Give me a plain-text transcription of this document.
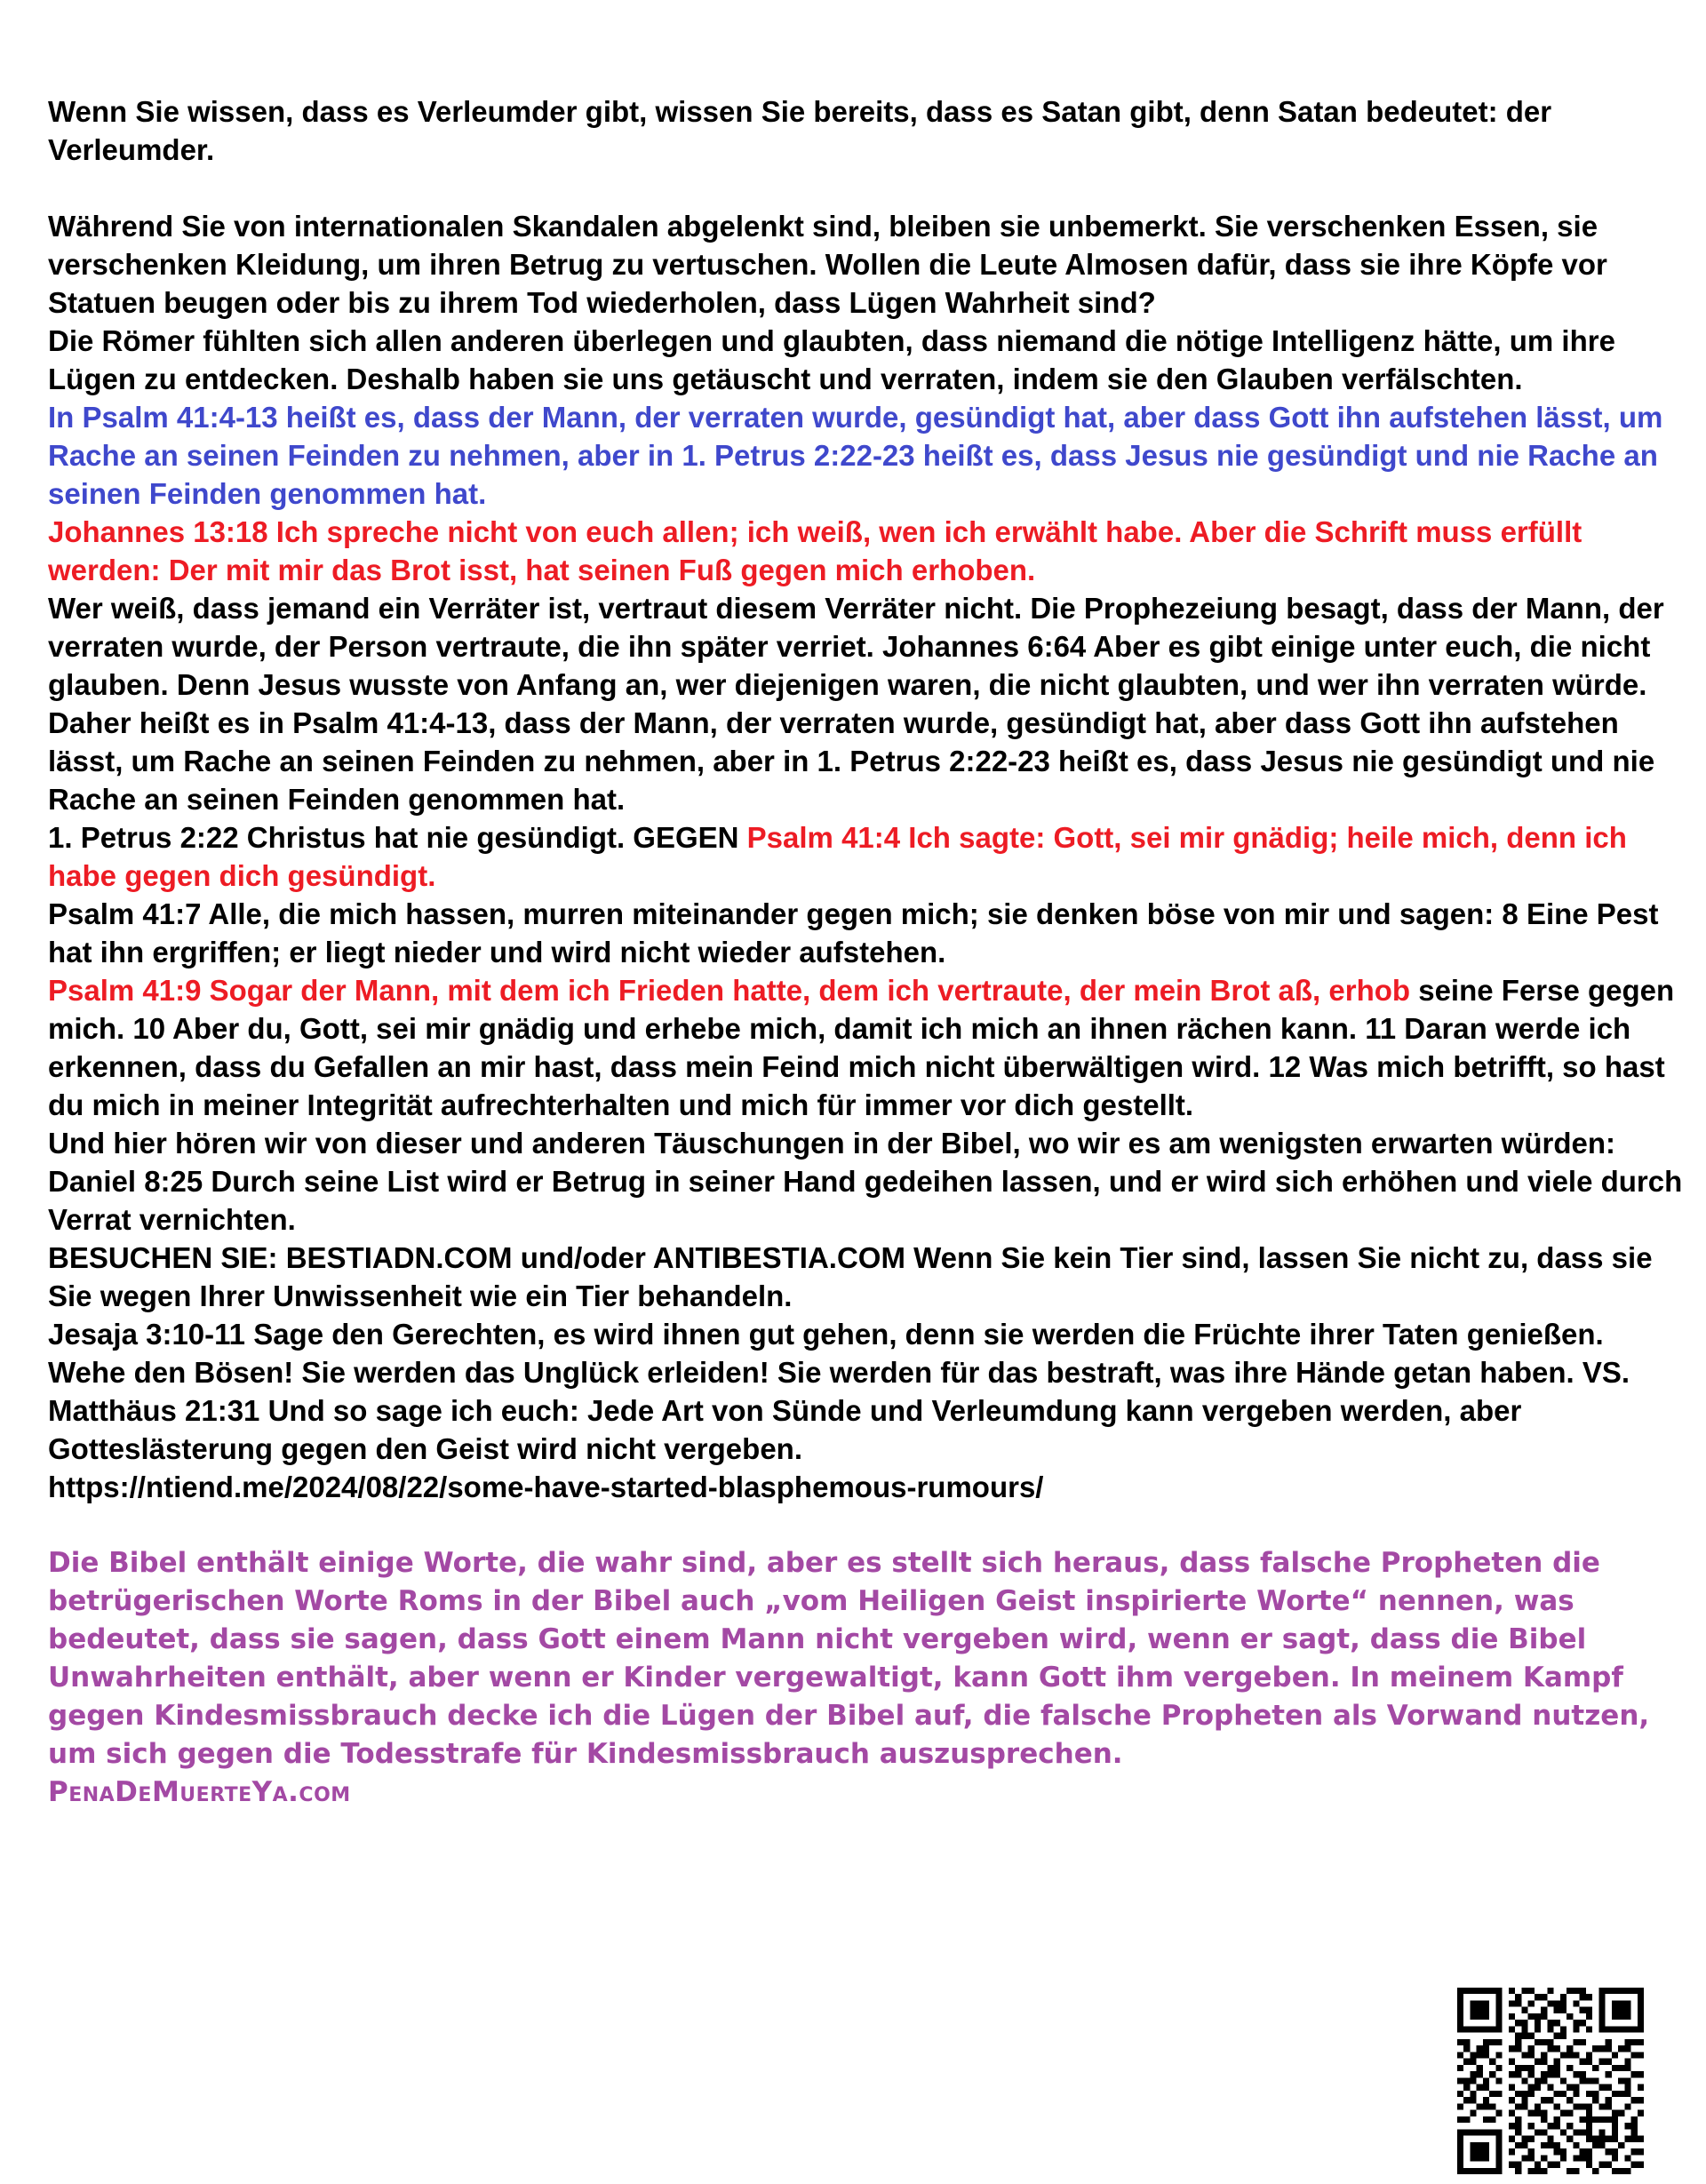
Wenn Sie wissen, dass es Verleumder gibt, wissen Sie bereits, dass es Satan gibt, denn Satan bedeutet: der Verleumder.

Während Sie von internationalen Skandalen abgelenkt sind, bleiben sie unbemerkt. Sie verschenken Essen, sie verschenken Kleidung, um ihren Betrug zu vertuschen. Wollen die Leute Almosen dafür, dass sie ihre Köpfe vor Statuen beugen oder bis zu ihrem Tod wiederholen, dass Lügen Wahrheit sind?

Die Römer fühlten sich allen anderen überlegen und glaubten, dass niemand die nötige Intelligenz hätte, um ihre Lügen zu entdecken. Deshalb haben sie uns getäuscht und verraten, indem sie den Glauben verfälschten.

In Psalm 41:4-13 heißt es, dass der Mann, der verraten wurde, gesündigt hat, aber dass Gott ihn aufstehen lässt, um Rache an seinen Feinden zu nehmen, aber in 1. Petrus 2:22-23 heißt es, dass Jesus nie gesündigt und nie Rache an seinen Feinden genommen hat.

Johannes 13:18 Ich spreche nicht von euch allen; ich weiß, wen ich erwählt habe. Aber die Schrift muss erfüllt werden: Der mit mir das Brot isst, hat seinen Fuß gegen mich erhoben.

Wer weiß, dass jemand ein Verräter ist, vertraut diesem Verräter nicht. Die Prophezeiung besagt, dass der Mann, der verraten wurde, der Person vertraute, die ihn später verriet. Johannes 6:64 Aber es gibt einige unter euch, die nicht glauben. Denn Jesus wusste von Anfang an, wer diejenigen waren, die nicht glaubten, und wer ihn verraten würde.

Daher heißt es in Psalm 41:4-13, dass der Mann, der verraten wurde, gesündigt hat, aber dass Gott ihn aufstehen lässt, um Rache an seinen Feinden zu nehmen, aber in 1. Petrus 2:22-23 heißt es, dass Jesus nie gesündigt und nie Rache an seinen Feinden genommen hat.

1. Petrus 2:22 Christus hat nie gesündigt. GEGEN Psalm 41:4 Ich sagte: Gott, sei mir gnädig; heile mich, denn ich habe gegen dich gesündigt.

Psalm 41:7 Alle, die mich hassen, murren miteinander gegen mich; sie denken böse von mir und sagen: 8 Eine Pest hat ihn ergriffen; er liegt nieder und wird nicht wieder aufstehen.

Psalm 41:9 Sogar der Mann, mit dem ich Frieden hatte, dem ich vertraute, der mein Brot aß, erhob seine Ferse gegen mich. 10 Aber du, Gott, sei mir gnädig und erhebe mich, damit ich mich an ihnen rächen kann. 11 Daran werde ich erkennen, dass du Gefallen an mir hast, dass mein Feind mich nicht überwältigen wird. 12 Was mich betrifft, so hast du mich in meiner Integrität aufrechterhalten und mich für immer vor dich gestellt.

Und hier hören wir von dieser und anderen Täuschungen in der Bibel, wo wir es am wenigsten erwarten würden: Daniel 8:25 Durch seine List wird er Betrug in seiner Hand gedeihen lassen, und er wird sich erhöhen und viele durch Verrat vernichten.

BESUCHEN SIE: BESTIADN.COM und/oder ANTIBESTIA.COM Wenn Sie kein Tier sind, lassen Sie nicht zu, dass sie Sie wegen Ihrer Unwissenheit wie ein Tier behandeln.

Jesaja 3:10-11 Sage den Gerechten, es wird ihnen gut gehen, denn sie werden die Früchte ihrer Taten genießen. Wehe den Bösen! Sie werden das Unglück erleiden! Sie werden für das bestraft, was ihre Hände getan haben. VS. Matthäus 21:31 Und so sage ich euch: Jede Art von Sünde und Verleumdung kann vergeben werden, aber Gotteslästerung gegen den Geist wird nicht vergeben.

https://ntiend.me/2024/08/22/some-have-started-blasphemous-rumours/

Die Bibel enthält einige Worte, die wahr sind, aber es stellt sich heraus, dass falsche Propheten die betrügerischen Worte Roms in der Bibel auch „vom Heiligen Geist inspirierte Worte“ nennen, was bedeutet, dass sie sagen, dass Gott einem Mann nicht vergeben wird, wenn er sagt, dass die Bibel Unwahrheiten enthält, aber wenn er Kinder vergewaltigt, kann Gott ihm vergeben. In meinem Kampf gegen Kindesmissbrauch decke ich die Lügen der Bibel auf, die falsche Propheten als Vorwand nutzen, um sich gegen die Todesstrafe für Kindesmissbrauch auszusprechen.

PenaDeMuerteYa.com
